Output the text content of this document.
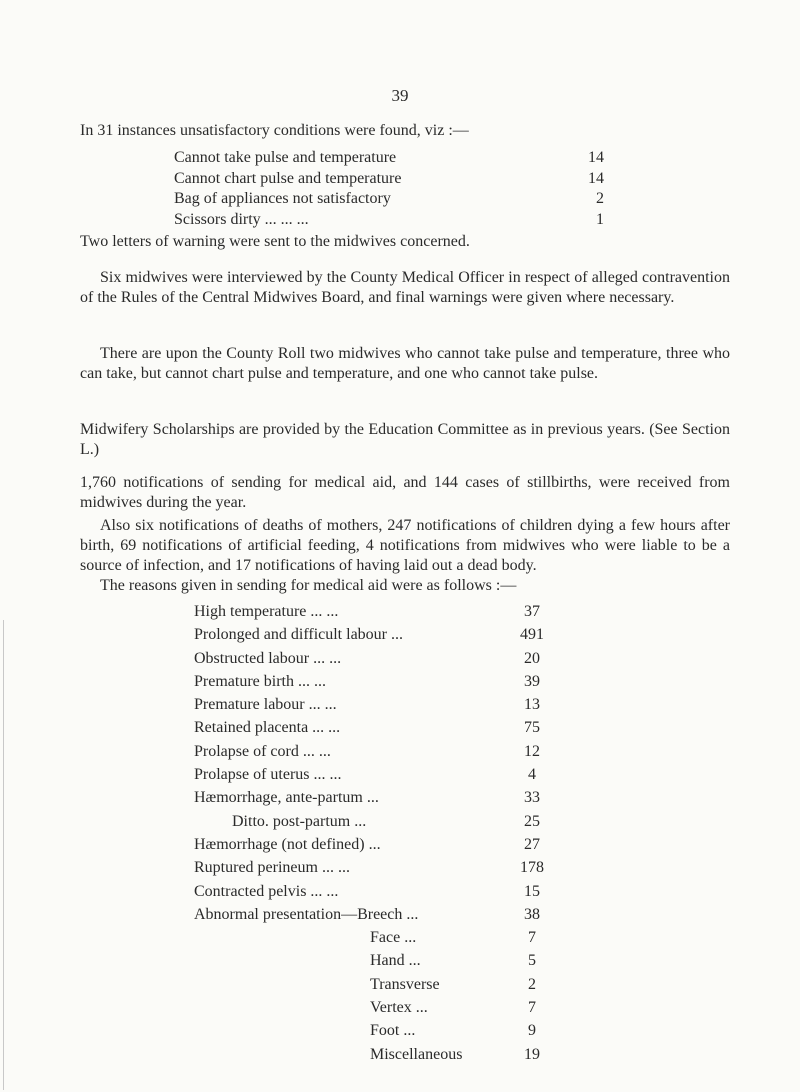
39
In 31 instances unsatisfactory conditions were found, viz :—
Cannot take pulse and temperature	14
Cannot chart pulse and temperature	14
Bag of appliances not satisfactory	2
Scissors dirty ... ... ...	1

Two letters of warning were sent to the midwives concerned.

Six midwives were interviewed by the County Medical Officer in respect of alleged contravention of the Rules of the Central Midwives Board, and final warnings were given where necessary.

There are upon the County Roll two midwives who cannot take pulse and temperature, three who can take, but cannot chart pulse and temperature, and one who cannot take pulse.

Midwifery Scholarships are provided by the Education Committee as in previous years. (See Section L.)

1,760 notifications of sending for medical aid, and 144 cases of stillbirths, were received from midwives during the year.

Also six notifications of deaths of mothers, 247 notifications of children dying a few hours after birth, 69 notifications of artificial feeding, 4 notifications from midwives who were liable to be a source of infection, and 17 notifications of having laid out a dead body.

The reasons given in sending for medical aid were as follows :—
High temperature ... ...	37
Prolonged and difficult labour ...	491
Obstructed labour ... ...	20
Premature birth ... ...	39
Premature labour ... ...	13
Retained placenta ... ...	75
Prolapse of cord ... ...	12
Prolapse of uterus ... ...	4
Hæmorrhage, ante-partum ...	33
Ditto. post-partum ...	25
Hæmorrhage (not defined) ...	27
Ruptured perineum ... ...	178
Contracted pelvis ... ...	15
Abnormal presentation—Breech ...	38
Face ...	7
Hand ...	5
Transverse	2
Vertex ...	7
Foot ...	9
Miscellaneous	19
